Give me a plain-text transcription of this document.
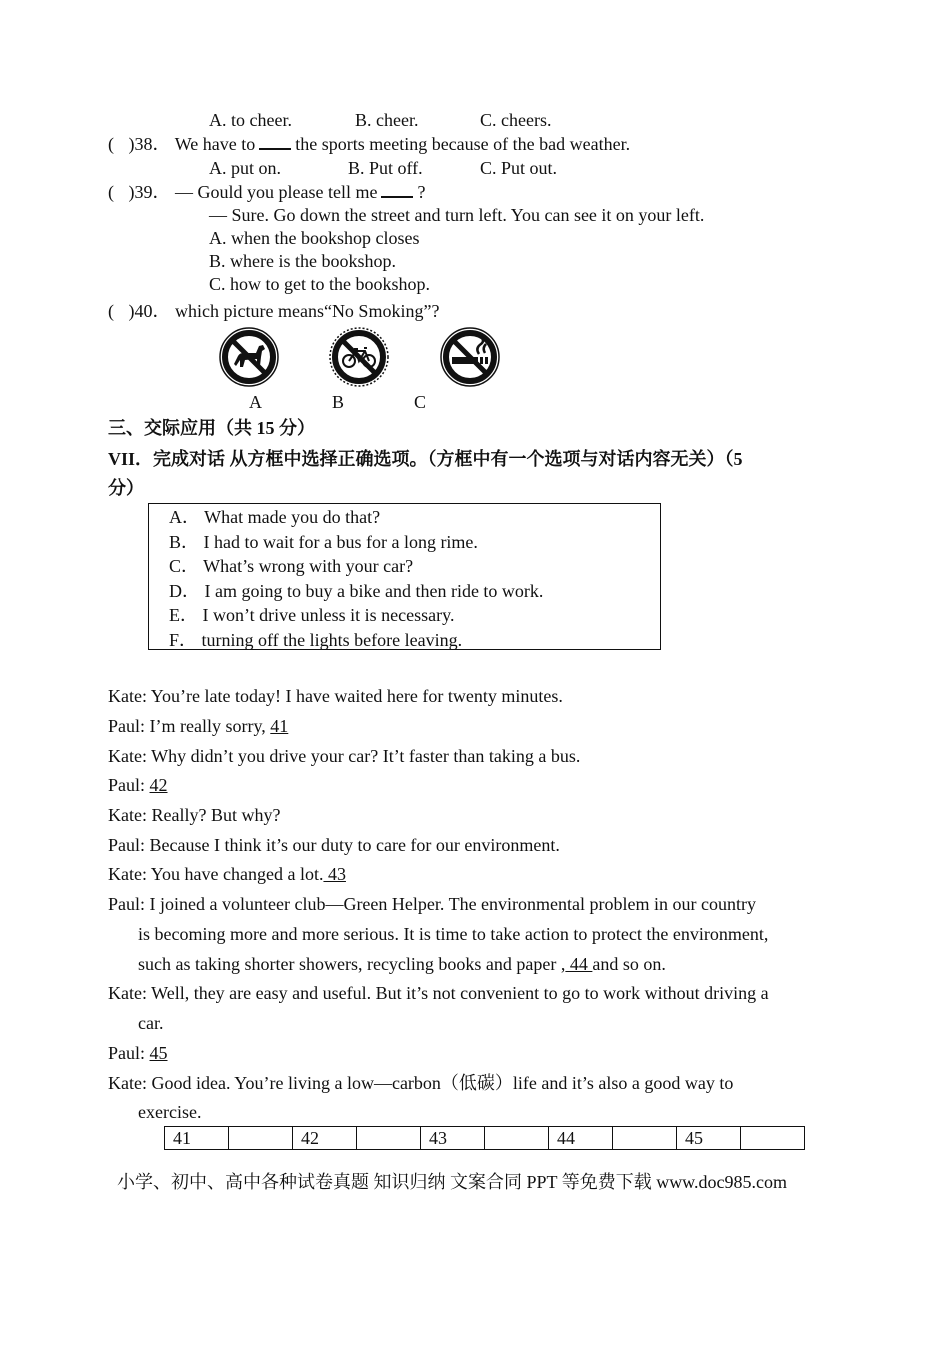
A. to cheer.	B. cheer.	C. cheers.
( )38． We have to the sports meeting because of the bad weather.
A. put on.	B. Put off.	C. Put out.
( )39． — Gould you please tell me ?
— Sure. Go down the street and turn left. You can see it on your left.
A. when the bookshop closes
B. where is the bookshop.
C. how to get to the bookshop.
( )40． which picture means“No Smoking”?
A	B	C
三、交际应用（共 15 分）
VII．完成对话 从方框中选择正确选项。（方框中有一个选项与对话内容无关）（5
分）
A． What made you do that?
B． I had to wait for a bus for a long rime.
C． What’s wrong with your car?
D． I am going to buy a bike and then ride to work.
E． I won’t drive unless it is necessary.
F． turning off the lights before leaving.
Kate: You’re late today! I have waited here for twenty minutes.
Paul: I’m really sorry, 41
Kate: Why didn’t you drive your car? It’t faster than taking a bus.
Paul: 42
Kate: Really? But why?
Paul: Because I think it’s our duty to care for our environment.
Kate: You have changed a lot. 43
Paul: I joined a volunteer club—Green Helper. The environmental problem in our country
is becoming more and more serious. It is time to take action to protect the environment,
such as taking shorter showers, recycling books and paper , 44 and so on.
Kate: Well, they are easy and useful. But it’s not convenient to go to work without driving a
car.
Paul: 45
Kate: Good idea. You’re living a low—carbon（低碳）life and it’s also a good way to
exercise.
41		42		43		44		45	
小学、初中、高中各种试卷真题 知识归纳 文案合同 PPT 等免费下载 www.doc985.com
